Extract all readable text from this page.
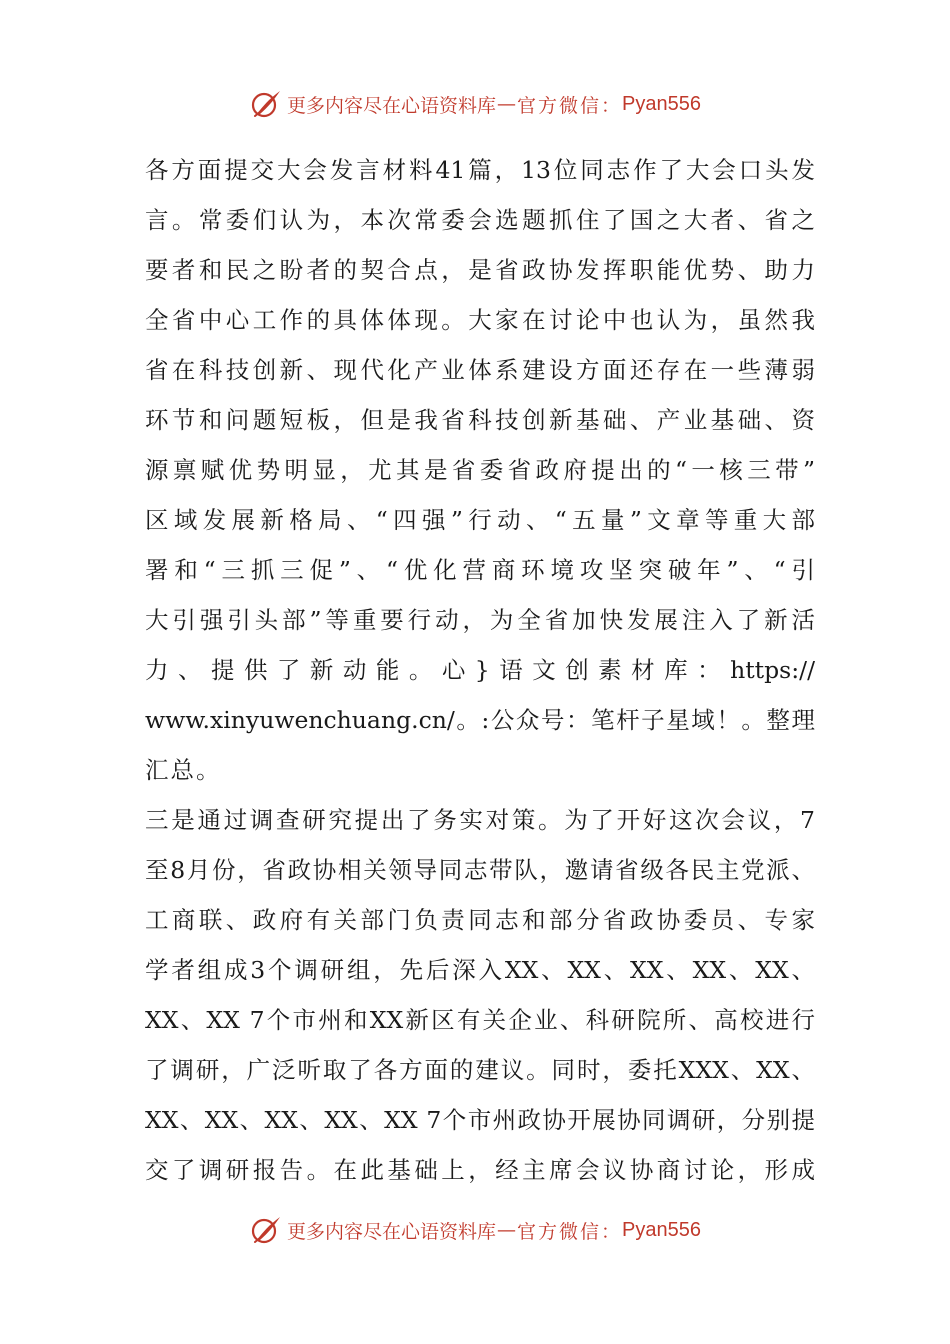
更多内容尽在心语资料库 — 官方微信： Pyan556
各方面提交大会发言材料41篇，13位同志作了大会口头发
言。常委们认为，本次常委会选题抓住了国之大者、省之
要者和民之盼者的契合点，是省政协发挥职能优势、助力
全省中心工作的具体体现。大家在讨论中也认为，虽然我
省在科技创新、现代化产业体系建设方面还存在一些薄弱
环节和问题短板，但是我省科技创新基础、产业基础、资
源禀赋优势明显，尤其是省委省政府提出的“一核三带”
区域发展新格局、“四强”行动、“五量”文章等重大部
署和“三抓三促”、“优化营商环境攻坚突破年”、“引
大引强引头部”等重要行动，为全省加快发展注入了新活
力、提供了新动能。心}语文创素材库：https://
www.xinyuwenchuang.cn/。:公众号：笔杆子星域！。整理
汇总。
三是通过调查研究提出了务实对策。为了开好这次会议，7
至8月份，省政协相关领导同志带队，邀请省级各民主党派、
工商联、政府有关部门负责同志和部分省政协委员、专家
学者组成3个调研组，先后深入XX、XX、XX、XX、XX、
XX、XX 7个市州和XX新区有关企业、科研院所、高校进行
了调研，广泛听取了各方面的建议。同时，委托XXX、XX、
XX、XX、XX、XX、XX 7个市州政协开展协同调研，分别提
交了调研报告。在此基础上，经主席会议协商讨论，形成
更多内容尽在心语资料库 — 官方微信： Pyan556
